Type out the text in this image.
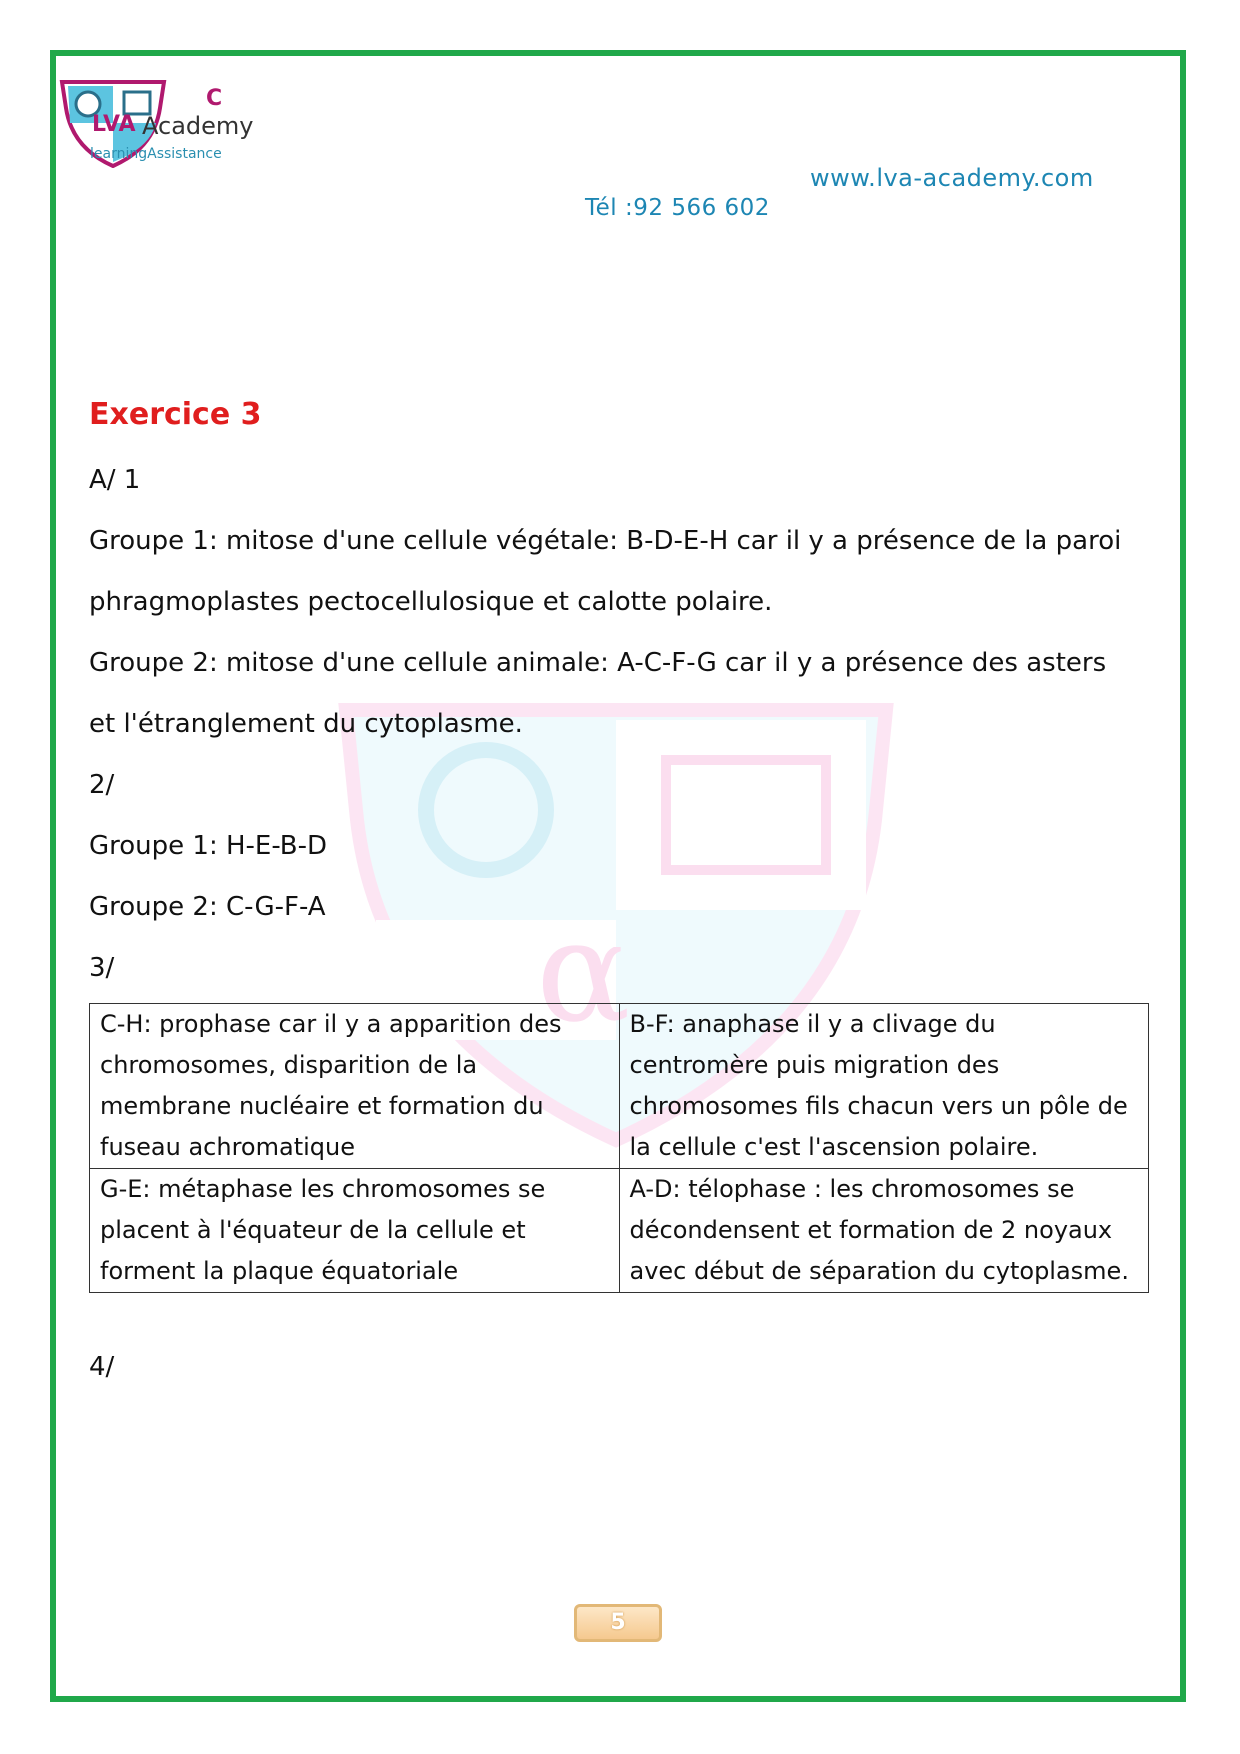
α
C
LVA Academy
learningAssistance
www.lva-academy.com
Tél :92 566 602

Exercice 3

A/ 1

Groupe 1: mitose d'une cellule végétale: B-D-E-H car il y a présence de la paroi

phragmoplastes pectocellulosique et calotte polaire.

Groupe 2: mitose d'une cellule animale: A-C-F-G car il y a présence des asters

et l'étranglement du cytoplasme.

2/

Groupe 1: H-E-B-D

Groupe 2: C-G-F-A

3/

C-H: prophase car il y a apparition des chromosomes, disparition de la membrane nucléaire et formation du fuseau achromatique	B-F: anaphase il y a clivage du centromère puis migration des chromosomes fils chacun vers un pôle de la cellule c'est l'ascension polaire.
G-E: métaphase les chromosomes se placent à l'équateur de la cellule et forment la plaque équatoriale	A-D: télophase : les chromosomes se décondensent et formation de 2 noyaux avec début de séparation du cytoplasme.
4/
5
